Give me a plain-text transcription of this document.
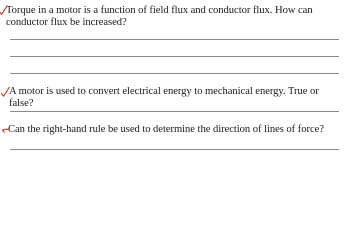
Torque in a motor is a function of field flux and conductor flux. How can conductor flux be increased?
A motor is used to convert electrical energy to mechanical energy. True or false?
Can the right-hand rule be used to determine the direction of lines of force?
